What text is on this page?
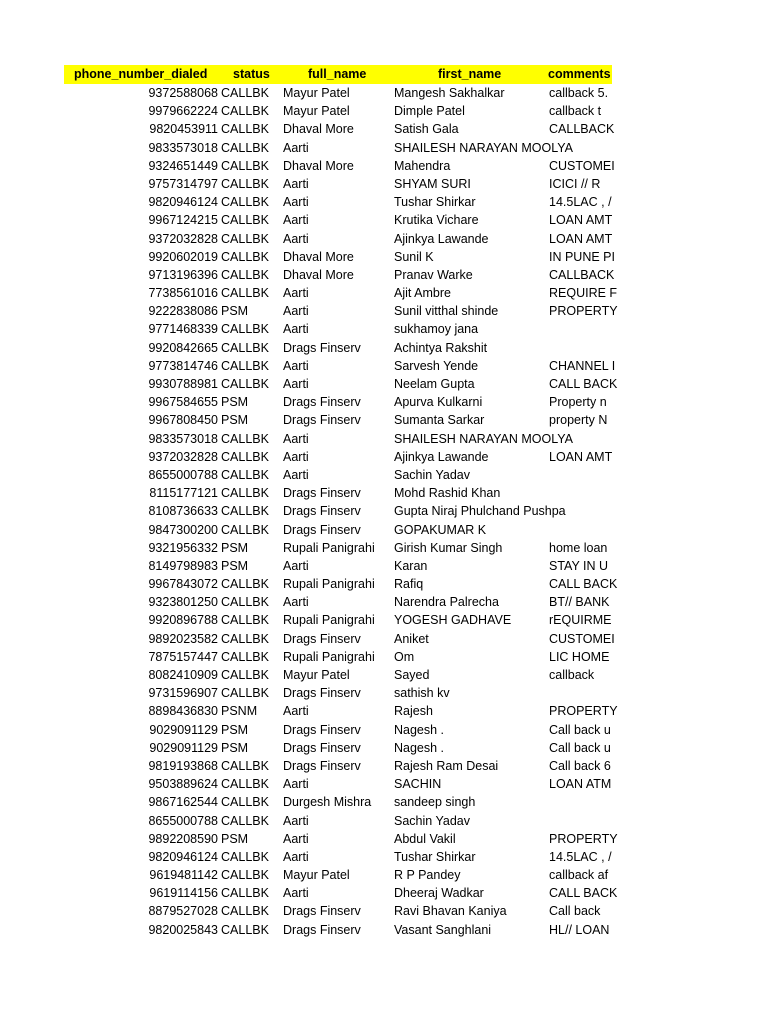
phone_number_dialed	status	full_name	first_name	comments
9372588068 CALLBK	Mayur Patel	Mangesh Sakhalkar	callback 5.
9979662224 CALLBK	Mayur Patel	Dimple Patel	callback t
9820453911 CALLBK	Dhaval More	Satish Gala	CALLBACK
9833573018 CALLBK	Aarti	SHAILESH NARAYAN MOOLYA
9324651449 CALLBK	Dhaval More	Mahendra	CUSTOMEI
9757314797 CALLBK	Aarti	SHYAM SURI	ICICI // R
9820946124 CALLBK	Aarti	Tushar Shirkar	14.5LAC , /
9967124215 CALLBK	Aarti	Krutika Vichare	LOAN AMT
9372032828 CALLBK	Aarti	Ajinkya Lawande	LOAN AMT
9920602019 CALLBK	Dhaval More	Sunil K	IN PUNE PI
9713196396 CALLBK	Dhaval More	Pranav Warke	CALLBACK
7738561016 CALLBK	Aarti	Ajit Ambre	REQUIRE F
9222838086 PSM	Aarti	Sunil vitthal shinde	PROPERTY
9771468339 CALLBK	Aarti	sukhamoy jana
9920842665 CALLBK	Drags Finserv	Achintya Rakshit
9773814746 CALLBK	Aarti	Sarvesh Yende	CHANNEL I
9930788981 CALLBK	Aarti	Neelam Gupta	CALL BACK
9967584655 PSM	Drags Finserv	Apurva Kulkarni	Property n
9967808450 PSM	Drags Finserv	Sumanta Sarkar	property N
9833573018 CALLBK	Aarti	SHAILESH NARAYAN MOOLYA
9372032828 CALLBK	Aarti	Ajinkya Lawande	LOAN AMT
8655000788 CALLBK	Aarti	Sachin Yadav
8115177121 CALLBK	Drags Finserv	Mohd Rashid Khan
8108736633 CALLBK	Drags Finserv	Gupta Niraj Phulchand Pushpa
9847300200 CALLBK	Drags Finserv	GOPAKUMAR K
9321956332 PSM	Rupali Panigrahi	Girish Kumar Singh	home loan
8149798983 PSM	Aarti	Karan	STAY IN U
9967843072 CALLBK	Rupali Panigrahi	Rafiq	CALL BACK
9323801250 CALLBK	Aarti	Narendra Palrecha	BT// BANK
9920896788 CALLBK	Rupali Panigrahi	YOGESH GADHAVE	rEQUIRME
9892023582 CALLBK	Drags Finserv	Aniket	CUSTOMEI
7875157447 CALLBK	Rupali Panigrahi	Om	LIC HOME
8082410909 CALLBK	Mayur Patel	Sayed	callback
9731596907 CALLBK	Drags Finserv	sathish kv
8898436830 PSNM	Aarti	Rajesh	PROPERTY
9029091129 PSM	Drags Finserv	Nagesh .	Call back u
9029091129 PSM	Drags Finserv	Nagesh .	Call back u
9819193868 CALLBK	Drags Finserv	Rajesh Ram Desai	Call back 6
9503889624 CALLBK	Aarti	SACHIN	LOAN ATM
9867162544 CALLBK	Durgesh Mishra	sandeep singh
8655000788 CALLBK	Aarti	Sachin Yadav
9892208590 PSM	Aarti	Abdul Vakil	PROPERTY
9820946124 CALLBK	Aarti	Tushar Shirkar	14.5LAC , /
9619481142 CALLBK	Mayur Patel	R P Pandey	callback af
9619114156 CALLBK	Aarti	Dheeraj Wadkar	CALL BACK
8879527028 CALLBK	Drags Finserv	Ravi Bhavan Kaniya	Call back
9820025843 CALLBK	Drags Finserv	Vasant Sanghlani	HL// LOAN
